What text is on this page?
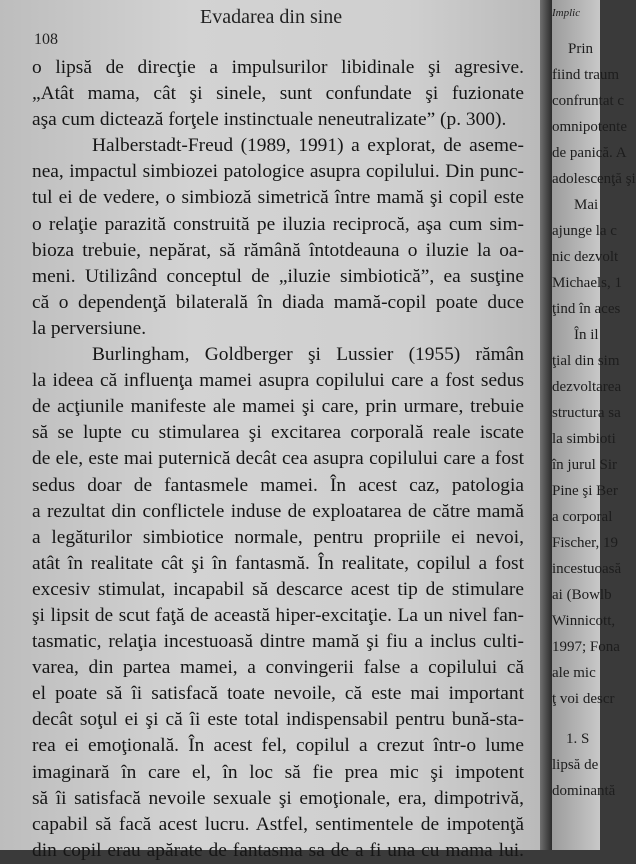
Evadarea din sine
108

o lipsă de direcţie a impulsurilor libidinale şi agresive.
„Atât mama, cât şi sinele, sunt confundate şi fuzionate
aşa cum dictează forţele instinctuale neneutralizate” (p. 300).

Halberstadt-Freud (1989, 1991) a explorat, de aseme-
nea, impactul simbiozei patologice asupra copilului. Din punc-
tul ei de vedere, o simbioză simetrică între mamă şi copil este
o relaţie parazită construită pe iluzia reciprocă, aşa cum sim-
bioza trebuie, nepărat, să rămână întotdeauna o iluzie la oa-
meni. Utilizând conceptul de „iluzie simbiotică”, ea susţine
că o dependenţă bilaterală în diada mamă-copil poate duce
la perversiune.

Burlingham, Goldberger şi Lussier (1955) rămân
la ideea că influenţa mamei asupra copilului care a fost sedus
de acţiunile manifeste ale mamei şi care, prin urmare, trebuie
să se lupte cu stimularea şi excitarea corporală reale iscate
de ele, este mai puternică decât cea asupra copilului care a fost
sedus doar de fantasmele mamei. În acest caz, patologia
a rezultat din conflictele induse de exploatarea de către mamă
a legăturilor simbiotice normale, pentru propriile ei nevoi,
atât în realitate cât şi în fantasmă. În realitate, copilul a fost
excesiv stimulat, incapabil să descarce acest tip de stimulare
şi lipsit de scut faţă de această hiper-excitaţie. La un nivel fan-
tasmatic, relaţia incestuoasă dintre mamă şi fiu a inclus culti-
varea, din partea mamei, a convingerii false a copilului că
el poate să îi satisfacă toate nevoile, că este mai important
decât soţul ei şi că îi este total indispensabil pentru bună-sta-
rea ei emoţională. În acest fel, copilul a crezut într-o lume
imaginară în care el, în loc să fie prea mic şi impotent
să îi satisfacă nevoile sexuale şi emoţionale, era, dimpotrivă,
capabil să facă acest lucru. Astfel, sentimentele de impotenţă
din copil erau apărate de fantasma sa de a fi una cu mama lui.

Implic
Prin
fiind traum
confruntat c
omnipotente
de panică. A
adolescenţă şi
Mai
ajunge la c
nic dezvolt
Michaels, 1
ţind în aces
În il
ţial din sim
dezvoltarea
structura sa
la simbioti
în jurul Sir
Pine şi Ber
a corporal
Fischer, 19
incestuoasă
ai (Bowlb
Winnicott,
1997; Fona
ale mic
ţ voi descr
1. S
lipsă de
dominantă
